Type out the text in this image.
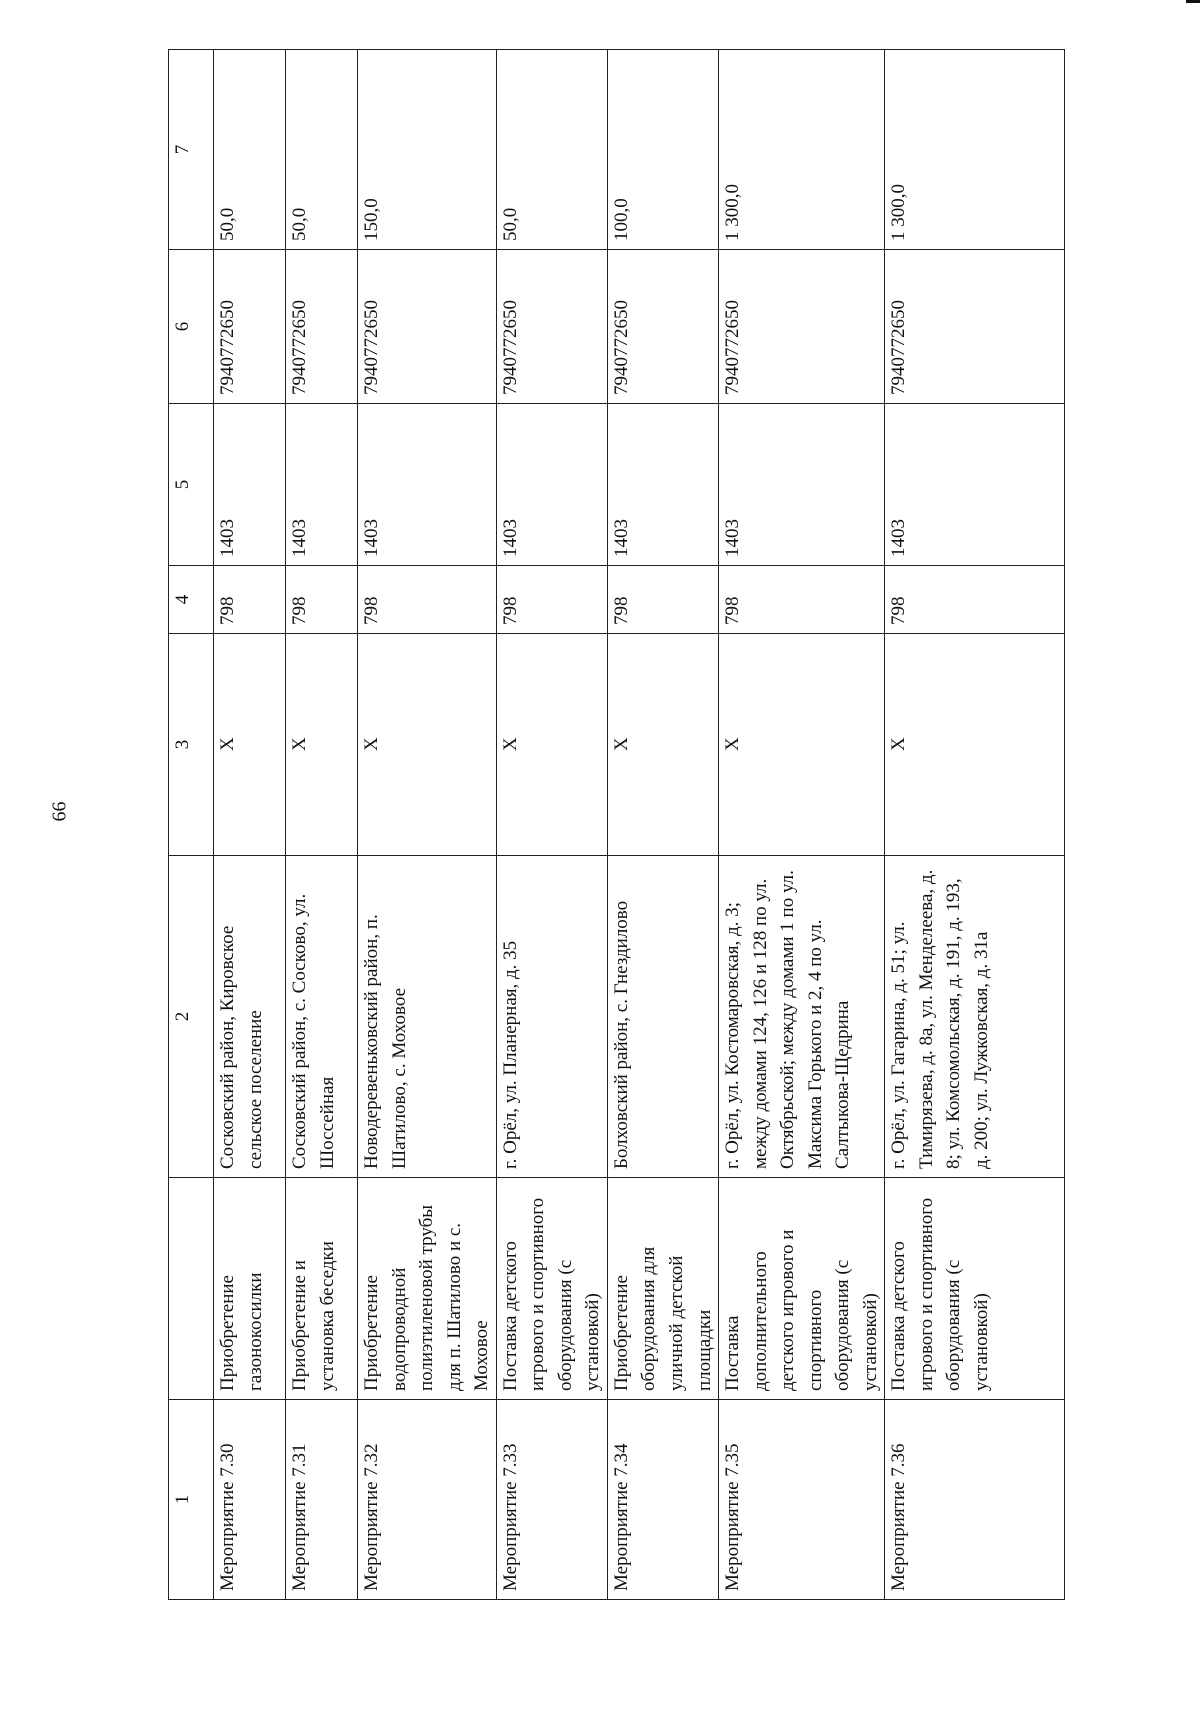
66
1		2	3	4	5	6	7
Мероприятие 7.30	Приобретение газонокосилки	Сосковский район, Кировское сельское поселение	Х	798	1403	7940772650	50,0
Мероприятие 7.31	Приобретение и установка беседки	Сосковский район, с. Сосково, ул. Шоссейная	Х	798	1403	7940772650	50,0
Мероприятие 7.32	Приобретение водопроводной полиэтиленовой трубы для п. Шатилово и с. Моховое	Новодеревеньковский район, п. Шатилово, с. Моховое	Х	798	1403	7940772650	150,0
Мероприятие 7.33	Поставка детского игрового и спортивного оборудования (с установкой)	г. Орёл, ул. Планерная, д. 35	Х	798	1403	7940772650	50,0
Мероприятие 7.34	Приобретение оборудования для уличной детской площадки	Болховский район, с. Гнездилово	Х	798	1403	7940772650	100,0
Мероприятие 7.35	Поставка дополнительного детского игрового и спортивного оборудования (с установкой)	г. Орёл, ул. Костомаровская, д. 3; между домами 124, 126 и 128 по ул. Октябрьской; между домами 1 по ул. Максима Горького и 2, 4 по ул. Салтыкова-Щедрина	Х	798	1403	7940772650	1 300,0
Мероприятие 7.36	Поставка детского игрового и спортивного оборудования (с установкой)	г. Орёл, ул. Гагарина, д. 51; ул. Тимирязева, д. 8а, ул. Менделеева, д. 8; ул. Комсомольская, д. 191, д. 193, д. 200; ул. Лужковская, д. 31а	Х	798	1403	7940772650	1 300,0
